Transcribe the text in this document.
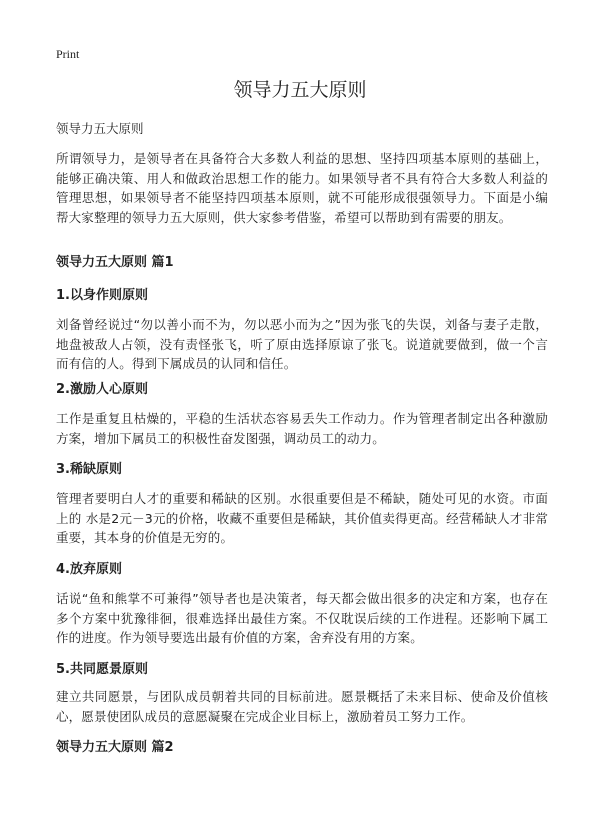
Print
领导力五大原则

领导力五大原则

所谓领导力，是领导者在具备符合大多数人利益的思想、坚持四项基本原则的基础上，能够正确决策、用人和做政治思想工作的能力。如果领导者不具有符合大多数人利益的管理思想，如果领导者不能坚持四项基本原则，就不可能形成很强领导力。下面是小编帮大家整理的领导力五大原则，供大家参考借鉴，希望可以帮助到有需要的朋友。

领导力五大原则 篇1
1.以身作则原则

刘备曾经说过“勿以善小而不为，勿以恶小而为之”因为张飞的失误，刘备与妻子走散，地盘被敌人占领，没有责怪张飞，听了原由选择原谅了张飞。说道就要做到，做一个言而有信的人。得到下属成员的认同和信任。

2.激励人心原则

工作是重复且枯燥的，平稳的生活状态容易丢失工作动力。作为管理者制定出各种激励方案，增加下属员工的积极性奋发图强，调动员工的动力。

3.稀缺原则

管理者要明白人才的重要和稀缺的区别。水很重要但是不稀缺，随处可见的水资。市面上的 水是2元－3元的价格，收藏不重要但是稀缺，其价值卖得更高。经营稀缺人才非常重要，其本身的价值是无穷的。

4.放弃原则

话说“鱼和熊掌不可兼得”领导者也是决策者，每天都会做出很多的决定和方案，也存在多个方案中犹豫徘徊，很难选择出最佳方案。不仅耽误后续的工作进程。还影响下属工作的进度。作为领导要选出最有价值的方案，舍弃没有用的方案。

5.共同愿景原则

建立共同愿景，与团队成员朝着共同的目标前进。愿景概括了未来目标、使命及价值核心，愿景使团队成员的意愿凝聚在完成企业目标上，激励着员工努力工作。

领导力五大原则 篇2
